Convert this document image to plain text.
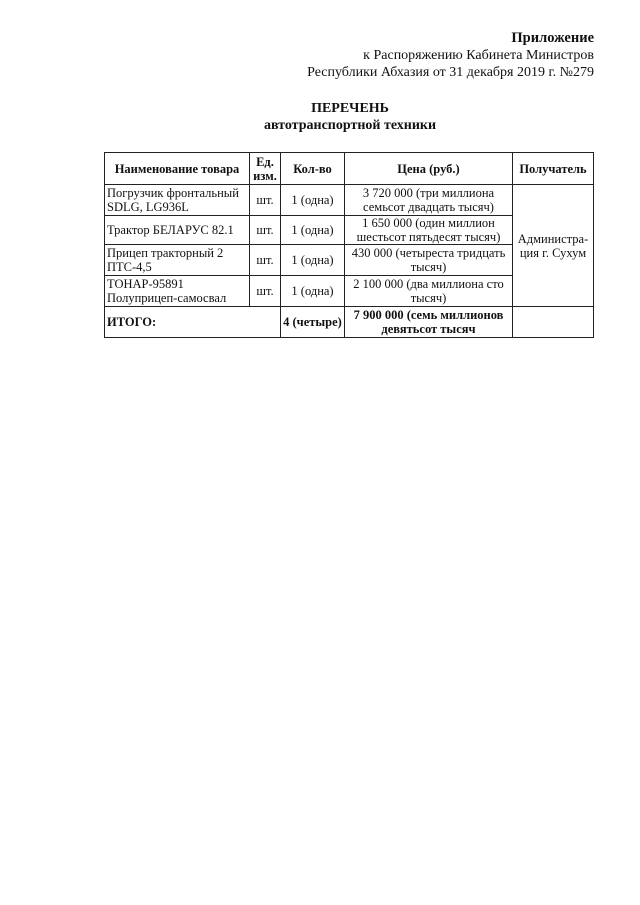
Приложение
к Распоряжению Кабинета Министров
Республики Абхазия от 31 декабря 2019 г. №279
ПЕРЕЧЕНЬ
автотранспортной техники
Наименование товара	Ед. изм.	Кол-во	Цена (руб.)	Получатель
Погрузчик фронтальный SDLG, LG936L	шт.	1 (одна)	3 720 000 (три миллиона семьсот двадцать тысяч)	Администра-ция г. Сухум
Трактор БЕЛАРУС 82.1	шт.	1 (одна)	1 650 000 (один миллион шестьсот пятьдесят тысяч)	
Прицеп тракторный 2 ПТС-4,5	шт.	1 (одна)	430 000 (четыреста тридцать тысяч)	
ТОНАР-95891 Полуприцеп-самосвал	шт.	1 (одна)	2 100 000 (два миллиона сто тысяч)	
ИТОГО:		4 (четыре)	7 900 000 (семь миллионов девятьсот тысяч	
